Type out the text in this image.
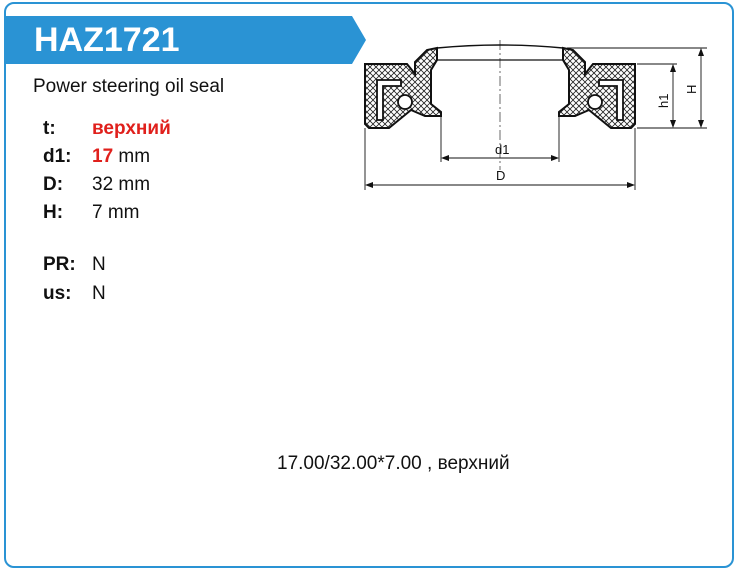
HAZ1721
Power steering oil seal
t: верхний
d1: 17 mm
D: 32 mm
H: 7 mm
PR: N
us: N
d1
D
h1
H
17.00/32.00*7.00 , верхний
